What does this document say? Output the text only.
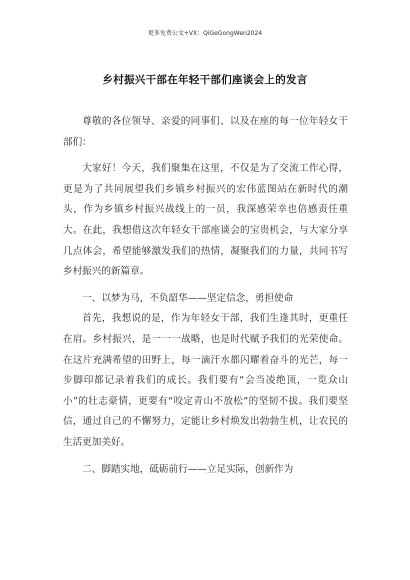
更多免费公文+VX：QiGeGongWen2024
乡村振兴干部在年轻干部们座谈会上的发言

尊敬的各位领导、亲爱的同事们、以及在座的每一位年轻女干部们：

大家好！今天，我们聚集在这里，不仅是为了交流工作心得，更是为了共同展望我们乡镇乡村振兴的宏伟蓝图站在新时代的潮头，作为乡镇乡村振兴战线上的一员，我深感荣幸也倍感责任重大。在此，我想借这次年轻女干部座谈会的宝贵机会，与大家分享几点体会，希望能够激发我们的热情，凝聚我们的力量，共同书写乡村振兴的新篇章。

一、以梦为马，不负韶华——坚定信念，勇担使命

首先，我想说的是，作为年轻女干部，我们生逢其时，更重任在肩。乡村振兴，是一一一战略，也是时代赋予我们的光荣使命。在这片充满希望的田野上，每一滴汗水都闪耀着奋斗的光芒，每一步脚印都记录着我们的成长。我们要有“会当凌绝顶，一览众山小”的壮志豪情，更要有“咬定青山不放松”的坚韧不拔。我们要坚信，通过自己的不懈努力，定能让乡村焕发出勃勃生机，让农民的生活更加美好。

二、脚踏实地，砥砺前行——立足实际，创新作为
